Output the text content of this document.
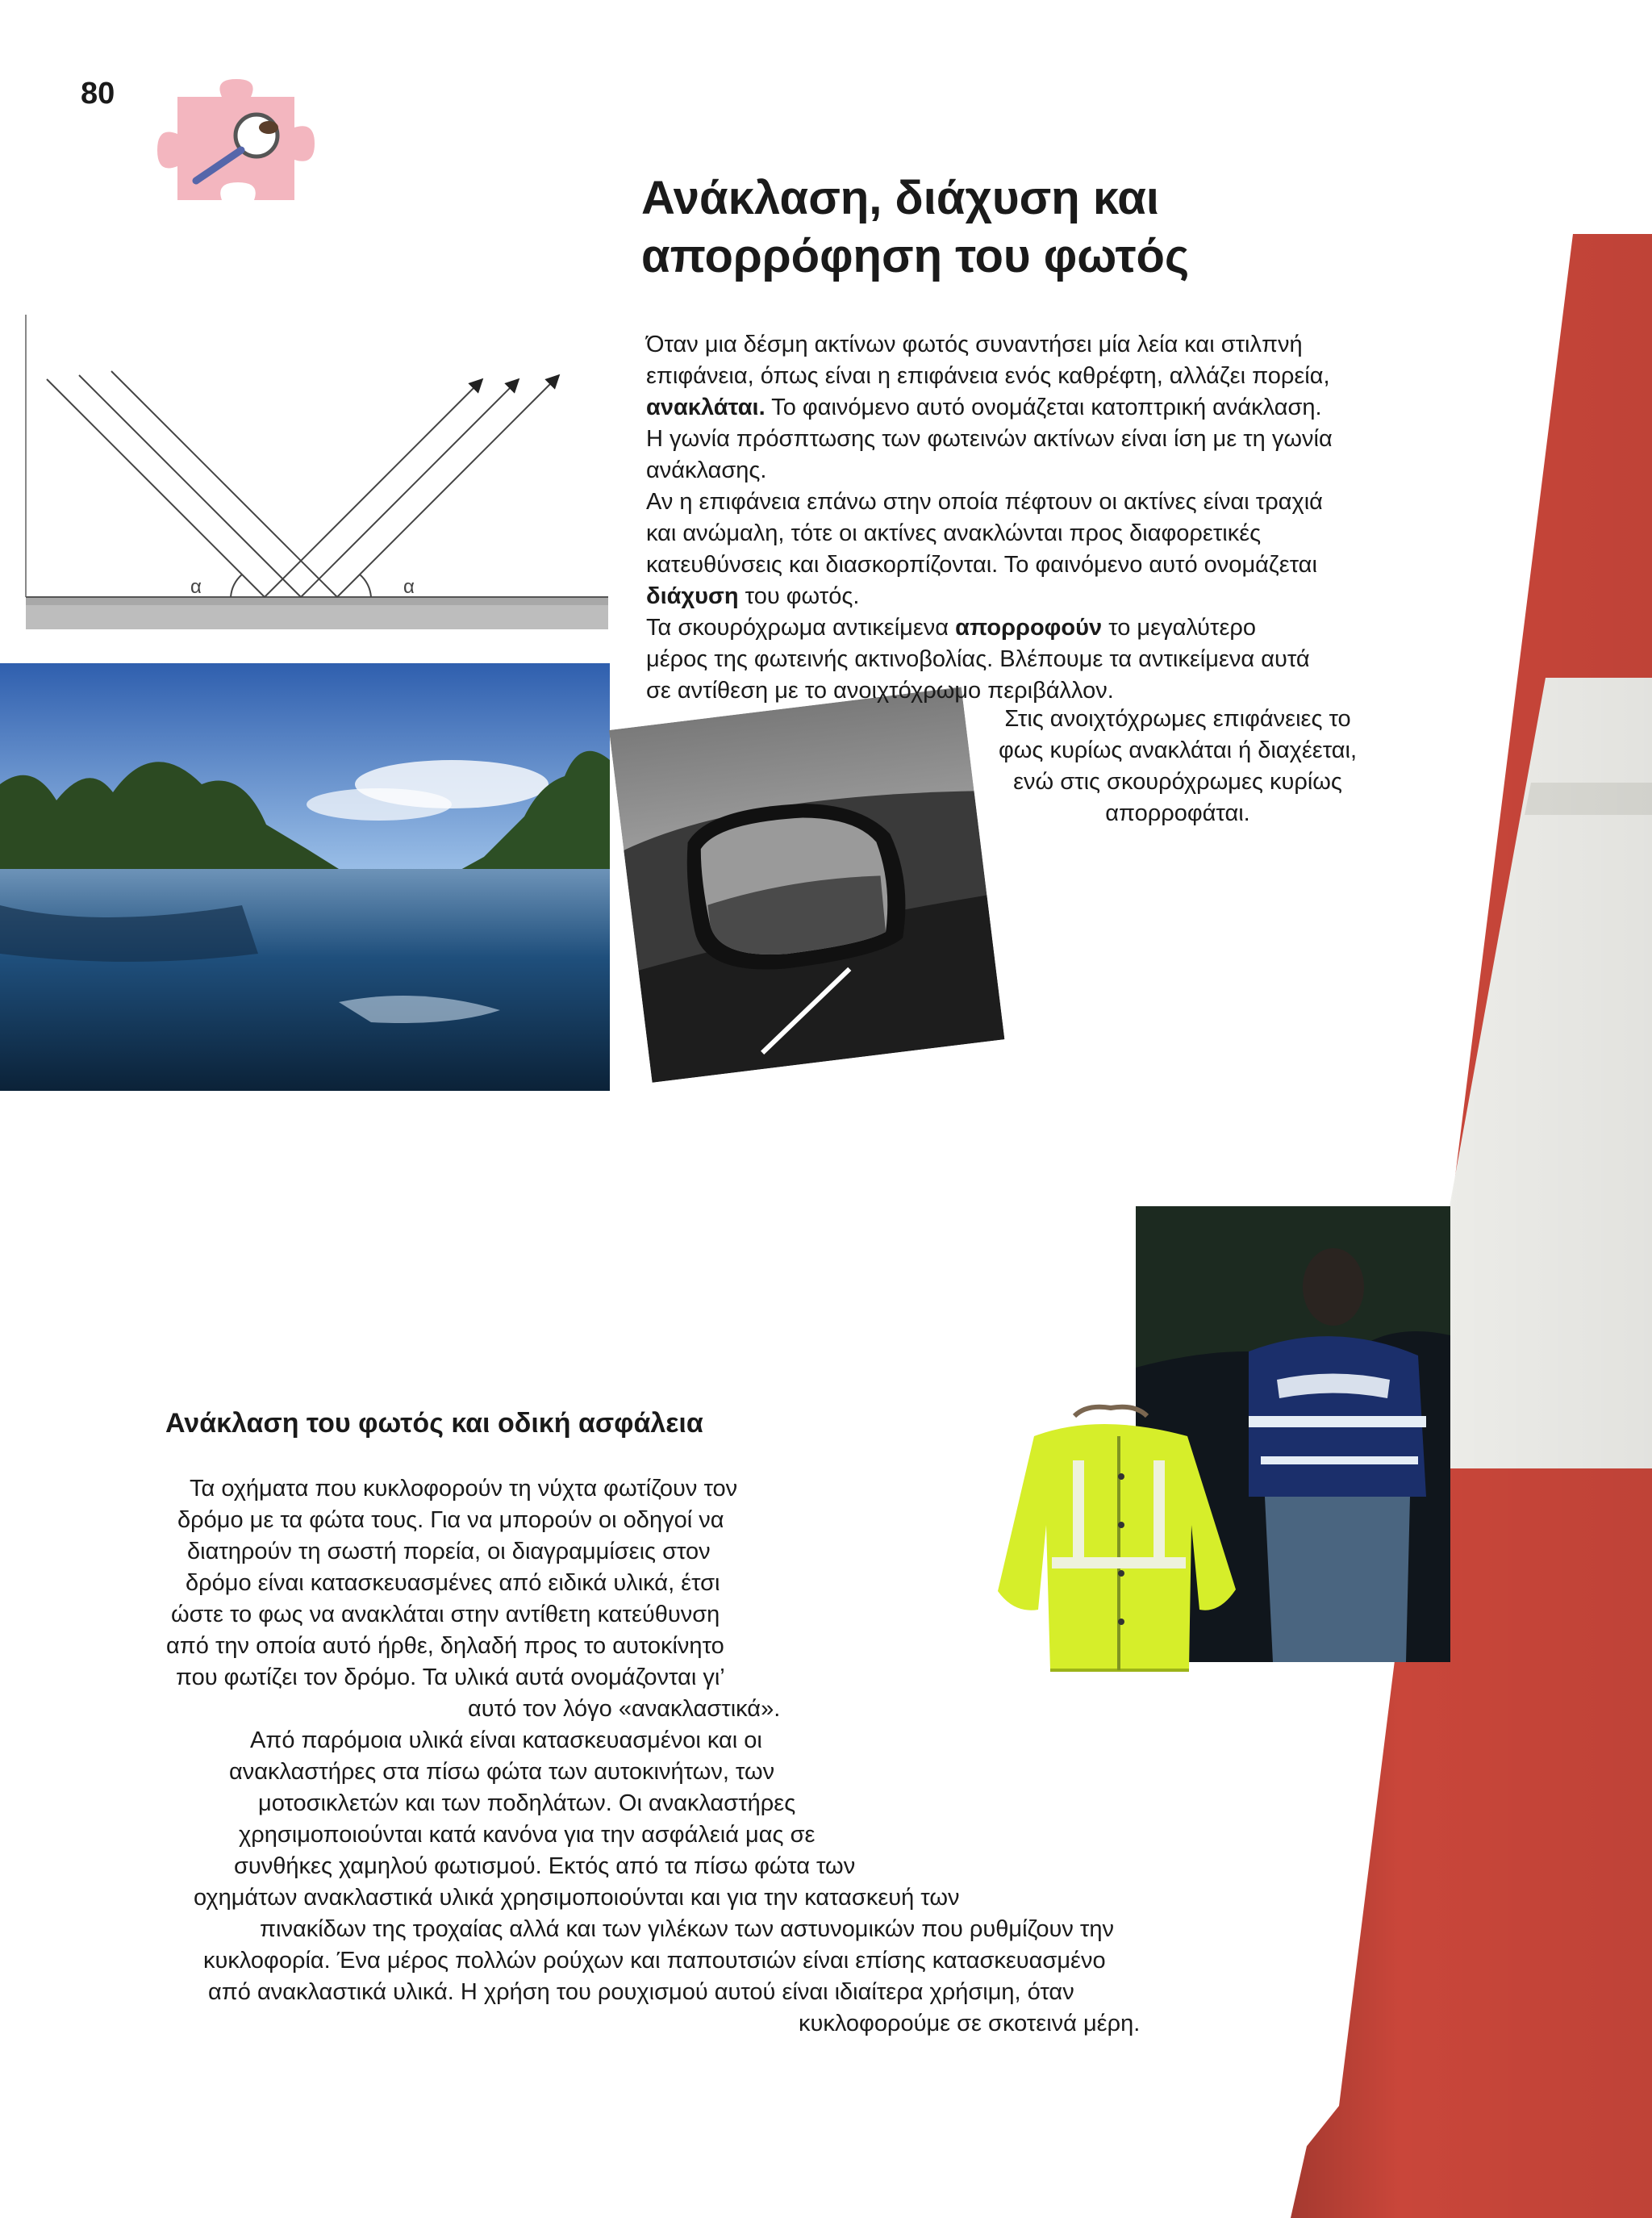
80
Ανάκλαση, διάχυση και
απορρόφηση του φωτός
α	α
Όταν μια δέσμη ακτίνων φωτός συναντήσει μία λεία και στιλπνή
επιφάνεια, όπως είναι η επιφάνεια ενός καθρέφτη, αλλάζει πορεία,
ανακλάται. Το φαινόμενο αυτό ονομάζεται κατοπτρική ανάκλαση.
Η γωνία πρόσπτωσης των φωτεινών ακτίνων είναι ίση με τη γωνία
ανάκλασης.
Αν η επιφάνεια επάνω στην οποία πέφτουν οι ακτίνες είναι τραχιά
και ανώμαλη, τότε οι ακτίνες ανακλώνται προς διαφορετικές
κατευθύνσεις και διασκορπίζονται. Το φαινόμενο αυτό ονομάζεται
διάχυση του φωτός.
Τα σκουρόχρωμα αντικείμενα απορροφούν το μεγαλύτερο
μέρος της φωτεινής ακτινοβολίας. Βλέπουμε τα αντικείμενα αυτά
σε αντίθεση με το ανοιχτόχρωμο περιβάλλον.
Στις ανοιχτόχρωμες επιφάνειες το
φως κυρίως ανακλάται ή διαχέεται,
ενώ στις σκουρόχρωμες κυρίως
απορροφάται.
Ανάκλαση του φωτός και οδική ασφάλεια
Τα οχήματα που κυκλοφορούν τη νύχτα φωτίζουν τον
δρόμο με τα φώτα τους. Για να μπορούν οι οδηγοί να
διατηρούν τη σωστή πορεία, οι διαγραμμίσεις στον
δρόμο είναι κατασκευασμένες από ειδικά υλικά, έτσι
ώστε το φως να ανακλάται στην αντίθετη κατεύθυνση
από την οποία αυτό ήρθε, δηλαδή προς το αυτοκίνητο
που φωτίζει τον δρόμο. Τα υλικά αυτά ονομάζονται γι’
αυτό τον λόγο «ανακλαστικά».
Από παρόμοια υλικά είναι κατασκευασμένοι και οι
ανακλαστήρες στα πίσω φώτα των αυτοκινήτων, των
μοτοσικλετών και των ποδηλάτων. Οι ανακλαστήρες
χρησιμοποιούνται κατά κανόνα για την ασφάλειά μας σε
συνθήκες χαμηλού φωτισμού. Εκτός από τα πίσω φώτα των
οχημάτων ανακλαστικά υλικά χρησιμοποιούνται και για την κατασκευή των
πινακίδων της τροχαίας αλλά και των γιλέκων των αστυνομικών που ρυθμίζουν την
κυκλοφορία. Ένα μέρος πολλών ρούχων και παπουτσιών είναι επίσης κατασκευασμένο
από ανακλαστικά υλικά. Η χρήση του ρουχισμού αυτού είναι ιδιαίτερα χρήσιμη, όταν
κυκλοφορούμε σε σκοτεινά μέρη.
